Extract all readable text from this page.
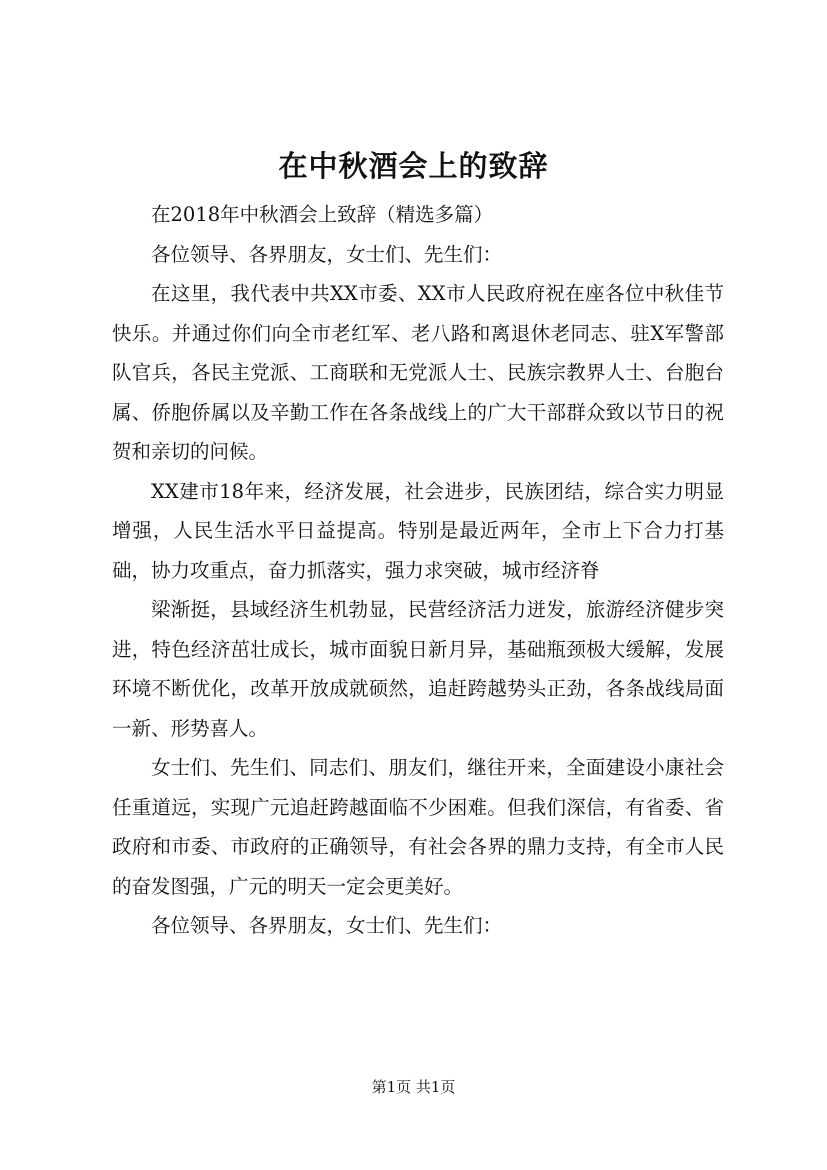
在中秋酒会上的致辞

在2018年中秋酒会上致辞（精选多篇）

各位领导、各界朋友，女士们、先生们：

在这里，我代表中共XX市委、XX市人民政府祝在座各位中秋佳节快乐。并通过你们向全市老红军、老八路和离退休老同志、驻X军警部队官兵，各民主党派、工商联和无党派人士、民族宗教界人士、台胞台属、侨胞侨属以及辛勤工作在各条战线上的广大干部群众致以节日的祝贺和亲切的问候。

XX建市18年来，经济发展，社会进步，民族团结，综合实力明显增强，人民生活水平日益提高。特别是最近两年，全市上下合力打基础，协力攻重点，奋力抓落实，强力求突破，城市经济脊

梁渐挺，县域经济生机勃显，民营经济活力迸发，旅游经济健步突进，特色经济茁壮成长，城市面貌日新月异，基础瓶颈极大缓解，发展环境不断优化，改革开放成就硕然，追赶跨越势头正劲，各条战线局面一新、形势喜人。

女士们、先生们、同志们、朋友们，继往开来，全面建设小康社会任重道远，实现广元追赶跨越面临不少困难。但我们深信，有省委、省政府和市委、市政府的正确领导，有社会各界的鼎力支持，有全市人民的奋发图强，广元的明天一定会更美好。

各位领导、各界朋友，女士们、先生们：

第1页 共1页
